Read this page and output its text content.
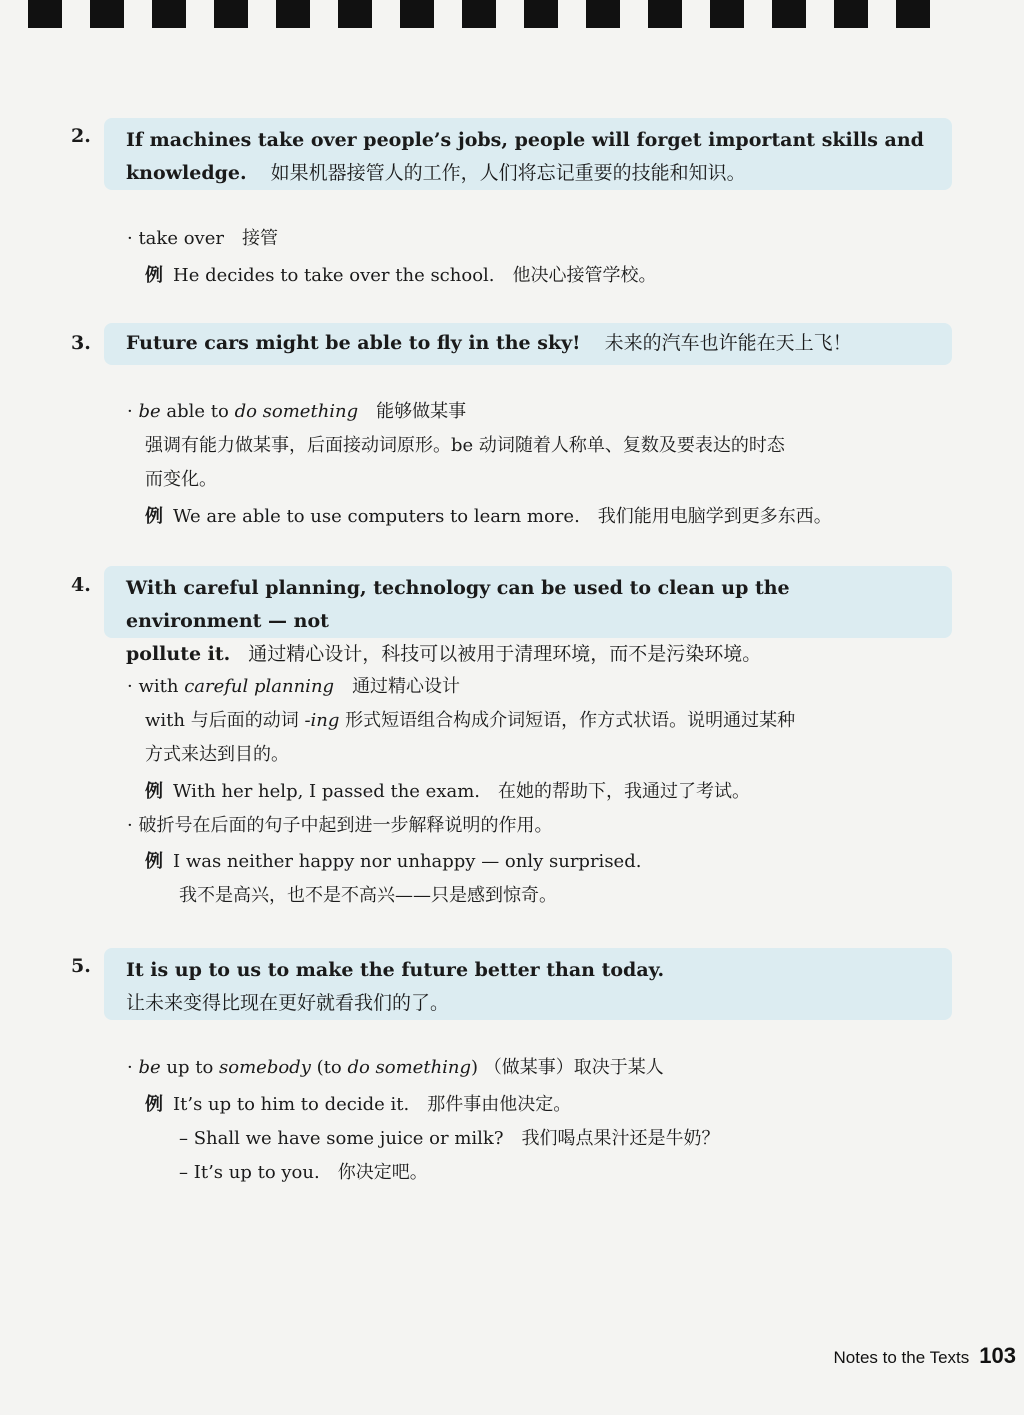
2.	If machines take over people’s jobs, people will forget important skills and knowledge. 如果机器接管人的工作，人们将忘记重要的技能和知识。
· take over 接管
例 He decides to take over the school. 他决心接管学校。
3.	Future cars might be able to fly in the sky! 未来的汽车也许能在天上飞！
· be able to do something 能够做某事
强调有能力做某事，后面接动词原形。be 动词随着人称单、复数及要表达的时态
而变化。
例 We are able to use computers to learn more. 我们能用电脑学到更多东西。
4.	With careful planning, technology can be used to clean up the environment — not
pollute it. 通过精心设计，科技可以被用于清理环境，而不是污染环境。
· with careful planning 通过精心设计
with 与后面的动词 -ing 形式短语组合构成介词短语，作方式状语。说明通过某种
方式来达到目的。
例 With her help, I passed the exam. 在她的帮助下，我通过了考试。
· 破折号在后面的句子中起到进一步解释说明的作用。
例 I was neither happy nor unhappy — only surprised.
我不是高兴，也不是不高兴——只是感到惊奇。
5.	It is up to us to make the future better than today.
让未来变得比现在更好就看我们的了。
· be up to somebody (to do something) （做某事）取决于某人
例 It’s up to him to decide it. 那件事由他决定。
– Shall we have some juice or milk? 我们喝点果汁还是牛奶？
– It’s up to you. 你决定吧。
Notes to the Texts 103
